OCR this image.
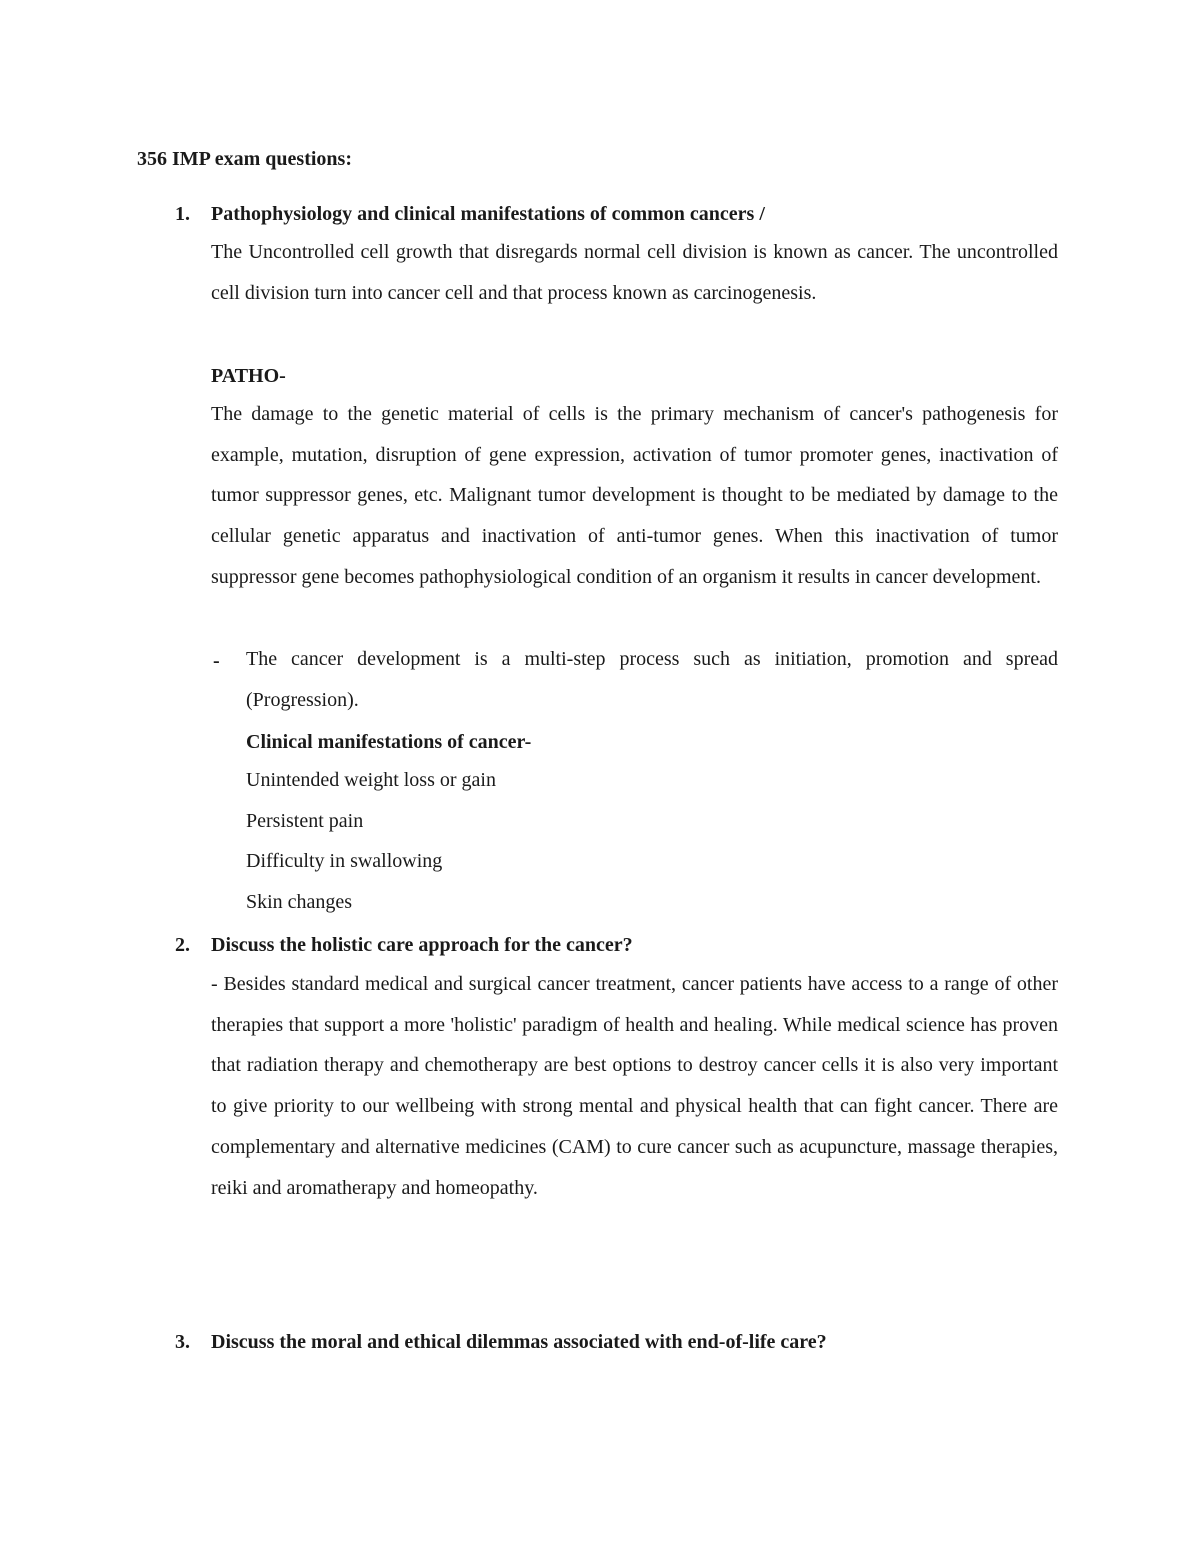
356 IMP exam questions:
1. Pathophysiology and clinical manifestations of common cancers /
The Uncontrolled cell growth that disregards normal cell division is known as cancer. The uncontrolled cell division turn into cancer cell and that process known as carcinogenesis.
PATHO-
The damage to the genetic material of cells is the primary mechanism of cancer's pathogenesis for example, mutation, disruption of gene expression, activation of tumor promoter genes, inactivation of tumor suppressor genes, etc. Malignant tumor development is thought to be mediated by damage to the cellular genetic apparatus and inactivation of anti-tumor genes. When this inactivation of tumor suppressor gene becomes pathophysiological condition of an organism it results in cancer development.
- The cancer development is a multi-step process such as initiation, promotion and spread (Progression).
Clinical manifestations of cancer-
Unintended weight loss or gain
Persistent pain
Difficulty in swallowing
Skin changes
2. Discuss the holistic care approach for the cancer?
- Besides standard medical and surgical cancer treatment, cancer patients have access to a range of other therapies that support a more 'holistic' paradigm of health and healing. While medical science has proven that radiation therapy and chemotherapy are best options to destroy cancer cells it is also very important to give priority to our wellbeing with strong mental and physical health that can fight cancer. There are complementary and alternative medicines (CAM) to cure cancer such as acupuncture, massage therapies, reiki and aromatherapy and homeopathy.
3. Discuss the moral and ethical dilemmas associated with end-of-life care?
